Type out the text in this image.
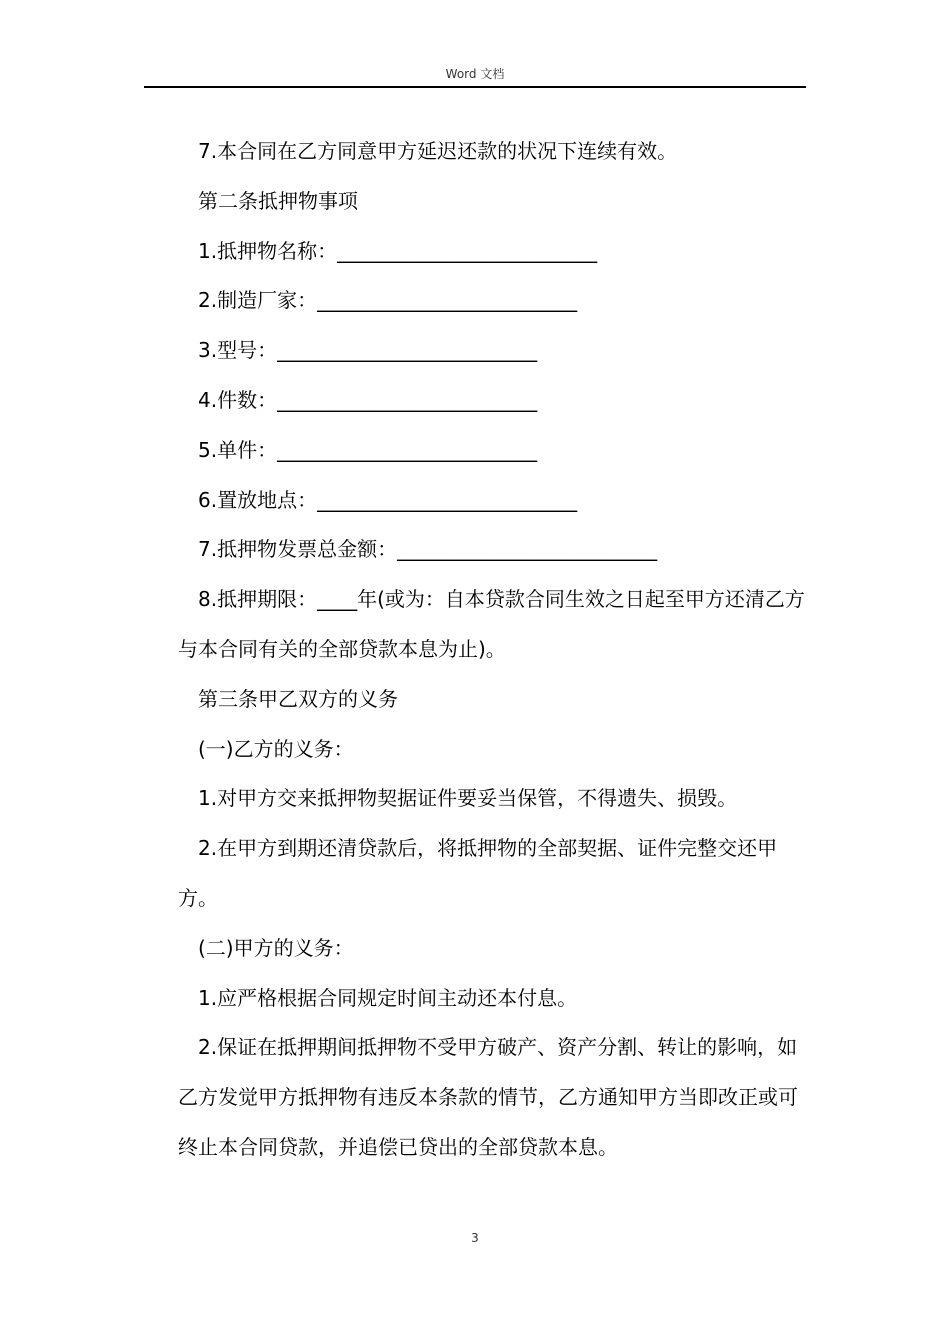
Word 文档

7.本合同在乙方同意甲方延迟还款的状况下连续有效。

第二条抵押物事项

1.抵押物名称：__________________________

2.制造厂家：__________________________

3.型号：__________________________

4.件数：__________________________

5.单件：__________________________

6.置放地点：__________________________

7.抵押物发票总金额：__________________________

8.抵押期限：____年(或为：自本贷款合同生效之日起至甲方还清乙方与本合同有关的全部贷款本息为止)。

第三条甲乙双方的义务

(一)乙方的义务：

1.对甲方交来抵押物契据证件要妥当保管，不得遗失、损毁。

2.在甲方到期还清贷款后，将抵押物的全部契据、证件完整交还甲方。

(二)甲方的义务：

1.应严格根据合同规定时间主动还本付息。

2.保证在抵押期间抵押物不受甲方破产、资产分割、转让的影响，如乙方发觉甲方抵押物有违反本条款的情节，乙方通知甲方当即改正或可终止本合同贷款，并追偿已贷出的全部贷款本息。

3
